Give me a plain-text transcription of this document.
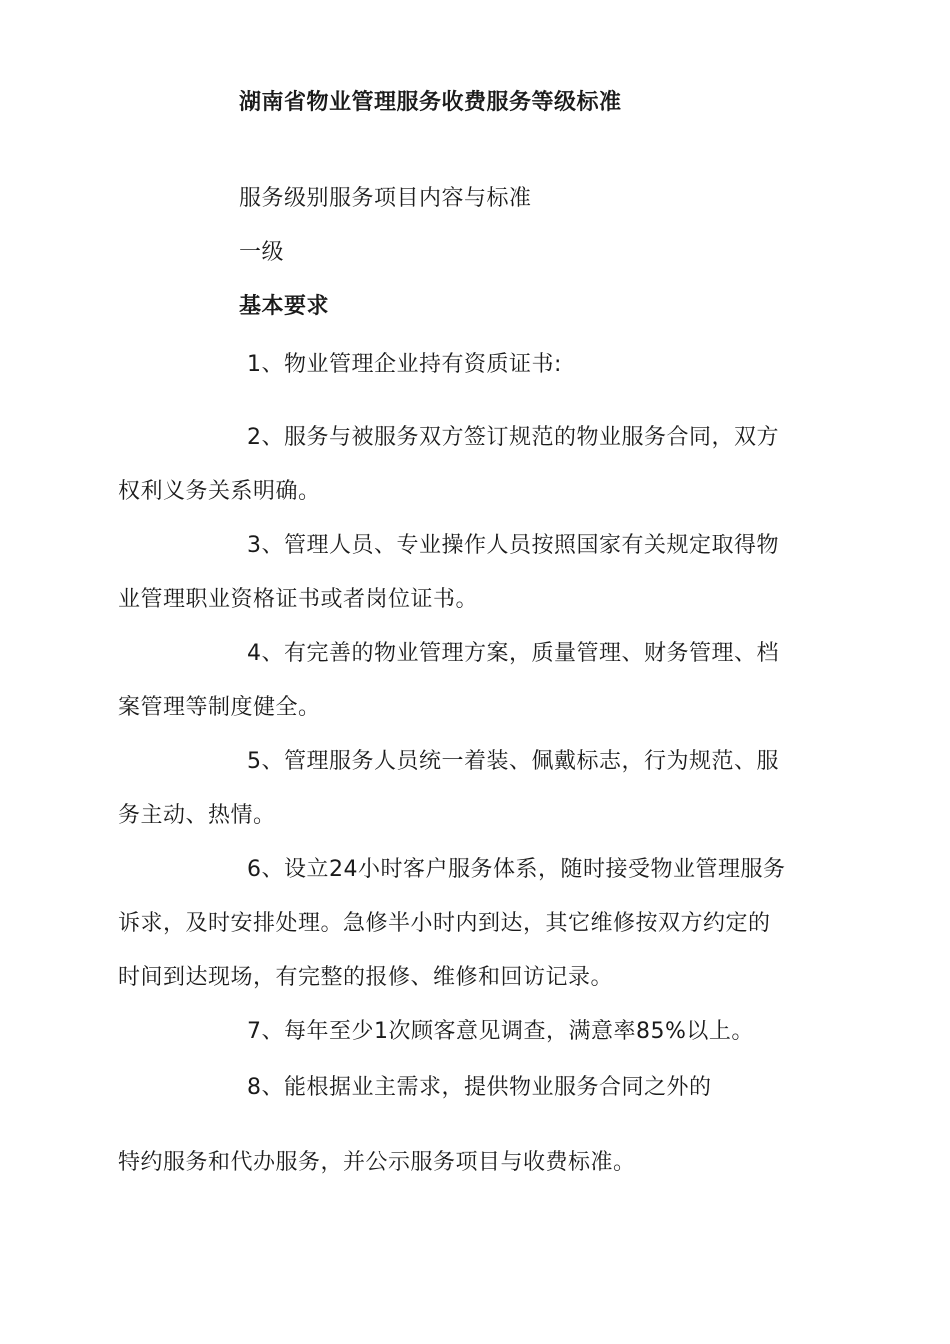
湖南省物业管理服务收费服务等级标准
服务级别服务项目内容与标准
一级
基本要求
1、物业管理企业持有资质证书:
2、服务与被服务双方签订规范的物业服务合同，双方
权利义务关系明确。
3、管理人员、专业操作人员按照国家有关规定取得物
业管理职业资格证书或者岗位证书。
4、有完善的物业管理方案，质量管理、财务管理、档
案管理等制度健全。
5、管理服务人员统一着装、佩戴标志，行为规范、服
务主动、热情。
6、设立24小时客户服务体系，随时接受物业管理服务
诉求，及时安排处理。急修半小时内到达，其它维修按双方约定的
时间到达现场，有完整的报修、维修和回访记录。
7、每年至少1次顾客意见调查，满意率85%以上。
8、能根据业主需求，提供物业服务合同之外的
特约服务和代办服务，并公示服务项目与收费标准。
